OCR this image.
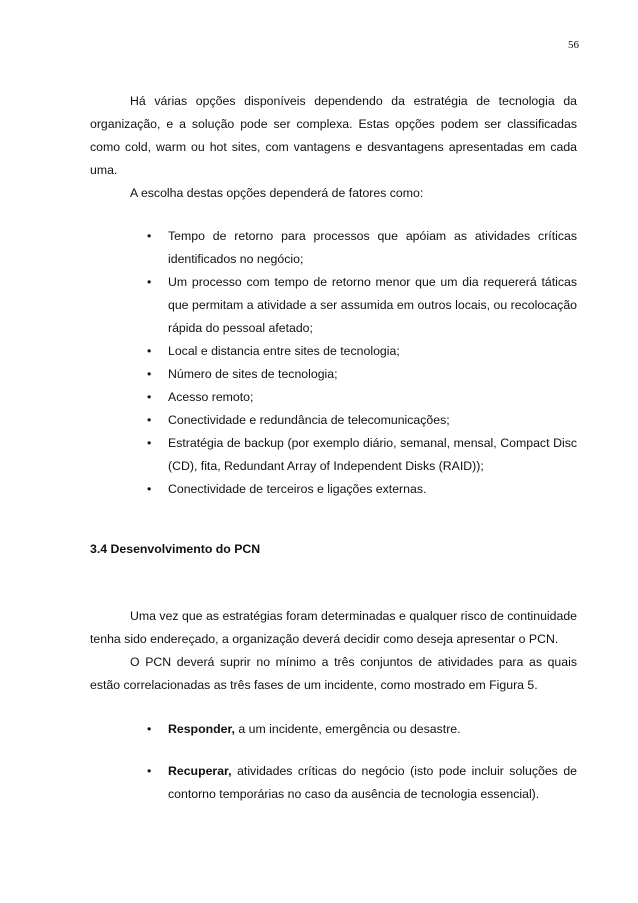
56

Há várias opções disponíveis dependendo da estratégia de tecnologia da organização, e a solução pode ser complexa. Estas opções podem ser classificadas como cold, warm ou hot sites, com vantagens e desvantagens apresentadas em cada uma.

A escolha destas opções dependerá de fatores como:

• Tempo de retorno para processos que apóiam as atividades críticas identificados no negócio;
• Um processo com tempo de retorno menor que um dia requererá táticas que permitam a atividade a ser assumida em outros locais, ou recolocação rápida do pessoal afetado;
• Local e distancia entre sites de tecnologia;
• Número de sites de tecnologia;
• Acesso remoto;
• Conectividade e redundância de telecomunicações;
• Estratégia de backup (por exemplo diário, semanal, mensal, Compact Disc (CD), fita, Redundant Array of Independent Disks (RAID));
• Conectividade de terceiros e ligações externas.
3.4 Desenvolvimento do PCN

Uma vez que as estratégias foram determinadas e qualquer risco de continuidade tenha sido endereçado, a organização deverá decidir como deseja apresentar o PCN.

O PCN deverá suprir no mínimo a três conjuntos de atividades para as quais estão correlacionadas as três fases de um incidente, como mostrado em Figura 5.

• Responder, a um incidente, emergência ou desastre.
• Recuperar, atividades críticas do negócio (isto pode incluir soluções de contorno temporárias no caso da ausência de tecnologia essencial).
